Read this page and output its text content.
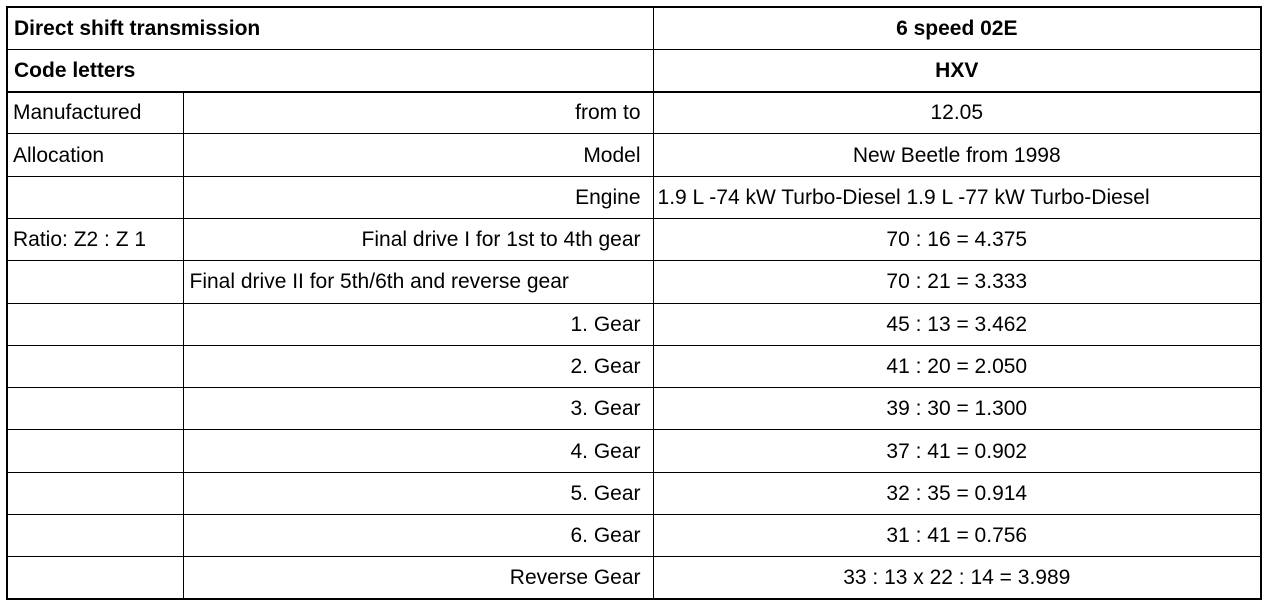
Direct shift transmission		6 speed 02E
Code letters		HXV
Manufactured	from to	12.05
Allocation	Model	New Beetle from 1998
	Engine	1.9 L -74 kW Turbo-Diesel 1.9 L -77 kW Turbo-Diesel
Ratio: Z2 : Z 1	Final drive I for 1st to 4th gear	70 : 16 = 4.375
	Final drive II for 5th/6th and reverse gear	70 : 21 = 3.333
	1. Gear	45 : 13 = 3.462
	2. Gear	41 : 20 = 2.050
	3. Gear	39 : 30 = 1.300
	4. Gear	37 : 41 = 0.902
	5. Gear	32 : 35 = 0.914
	6. Gear	31 : 41 = 0.756
	Reverse Gear	33 : 13 x 22 : 14 = 3.989
